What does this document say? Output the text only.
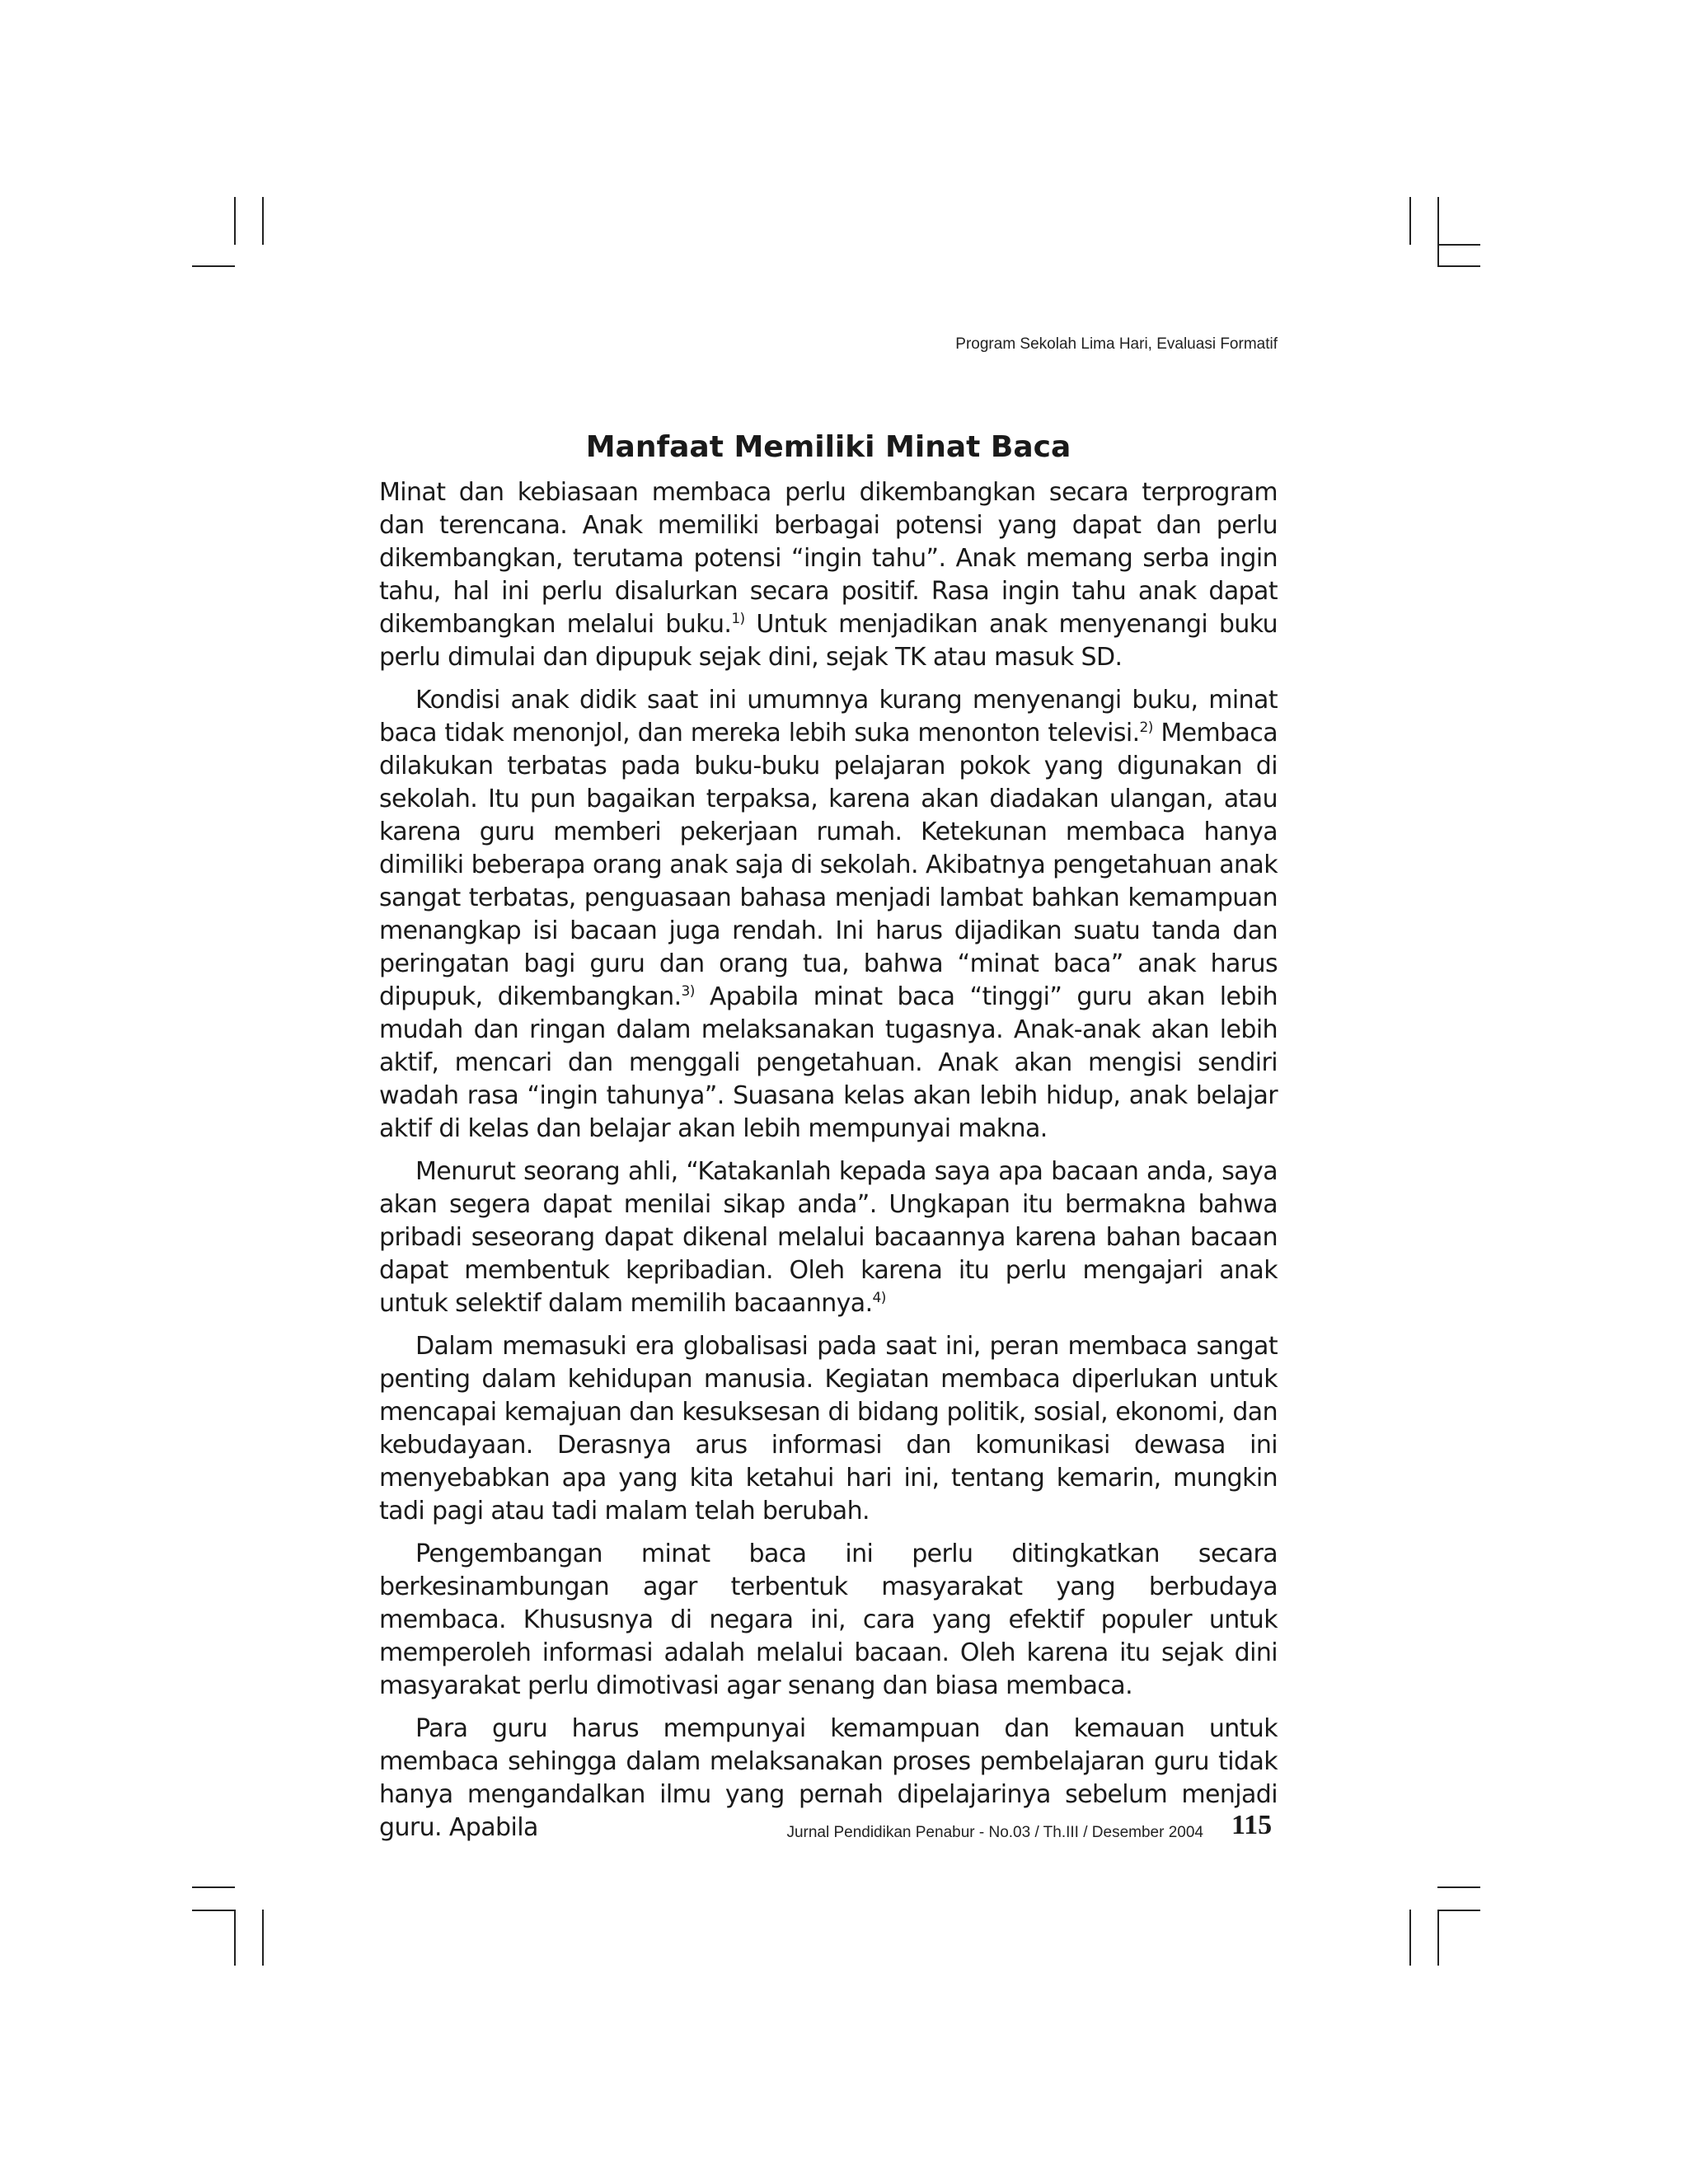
Program Sekolah Lima Hari, Evaluasi Formatif
Manfaat Memiliki Minat Baca

Minat dan kebiasaan membaca perlu dikembangkan secara terprogram dan terencana. Anak memiliki berbagai potensi yang dapat dan perlu dikembangkan, terutama potensi “ingin tahu”. Anak memang serba ingin tahu, hal ini perlu disalurkan secara positif. Rasa ingin tahu anak dapat dikembangkan melalui buku.$^{1)}$ Untuk menjadikan anak menyenangi buku perlu dimulai dan dipupuk sejak dini, sejak TK atau masuk SD.

Kondisi anak didik saat ini umumnya kurang menyenangi buku, minat baca tidak menonjol, dan mereka lebih suka menonton televisi.$^{2)}$ Membaca dilakukan terbatas pada buku-buku pelajaran pokok yang digunakan di sekolah. Itu pun bagaikan terpaksa, karena akan diadakan ulangan, atau karena guru memberi pekerjaan rumah. Ketekunan membaca hanya dimiliki beberapa orang anak saja di sekolah. Akibatnya pengetahuan anak sangat terbatas, penguasaan bahasa menjadi lambat bahkan kemampuan menangkap isi bacaan juga rendah. Ini harus dijadikan suatu tanda dan peringatan bagi guru dan orang tua, bahwa “minat baca” anak harus dipupuk, dikembangkan.$^{3)}$ Apabila minat baca “tinggi” guru akan lebih mudah dan ringan dalam melaksanakan tugasnya. Anak-anak akan lebih aktif, mencari dan menggali pengetahuan. Anak akan mengisi sendiri wadah rasa “ingin tahunya”. Suasana kelas akan lebih hidup, anak belajar aktif di kelas dan belajar akan lebih mempunyai makna.

Menurut seorang ahli, “Katakanlah kepada saya apa bacaan anda, saya akan segera dapat menilai sikap anda”. Ungkapan itu bermakna bahwa pribadi seseorang dapat dikenal melalui bacaannya karena bahan bacaan dapat membentuk kepribadian. Oleh karena itu perlu mengajari anak untuk selektif dalam memilih bacaannya.$^{4)}$

Dalam memasuki era globalisasi pada saat ini, peran membaca sangat penting dalam kehidupan manusia. Kegiatan membaca diperlukan untuk mencapai kemajuan dan kesuksesan di bidang politik, sosial, ekonomi, dan kebudayaan. Derasnya arus informasi dan komunikasi dewasa ini menyebabkan apa yang kita ketahui hari ini, tentang kemarin, mungkin tadi pagi atau tadi malam telah berubah.

Pengembangan minat baca ini perlu ditingkatkan secara berkesinambungan agar terbentuk masyarakat yang berbudaya membaca. Khususnya di negara ini, cara yang efektif populer untuk memperoleh informasi adalah melalui bacaan. Oleh karena itu sejak dini masyarakat perlu dimotivasi agar senang dan biasa membaca.

Para guru harus mempunyai kemampuan dan kemauan untuk membaca sehingga dalam melaksanakan proses pembelajaran guru tidak hanya mengandalkan ilmu yang pernah dipelajarinya sebelum menjadi guru. Apabila	Jurnal Pendidikan Penabur - No.03 / Th.III / Desember 2004 115
